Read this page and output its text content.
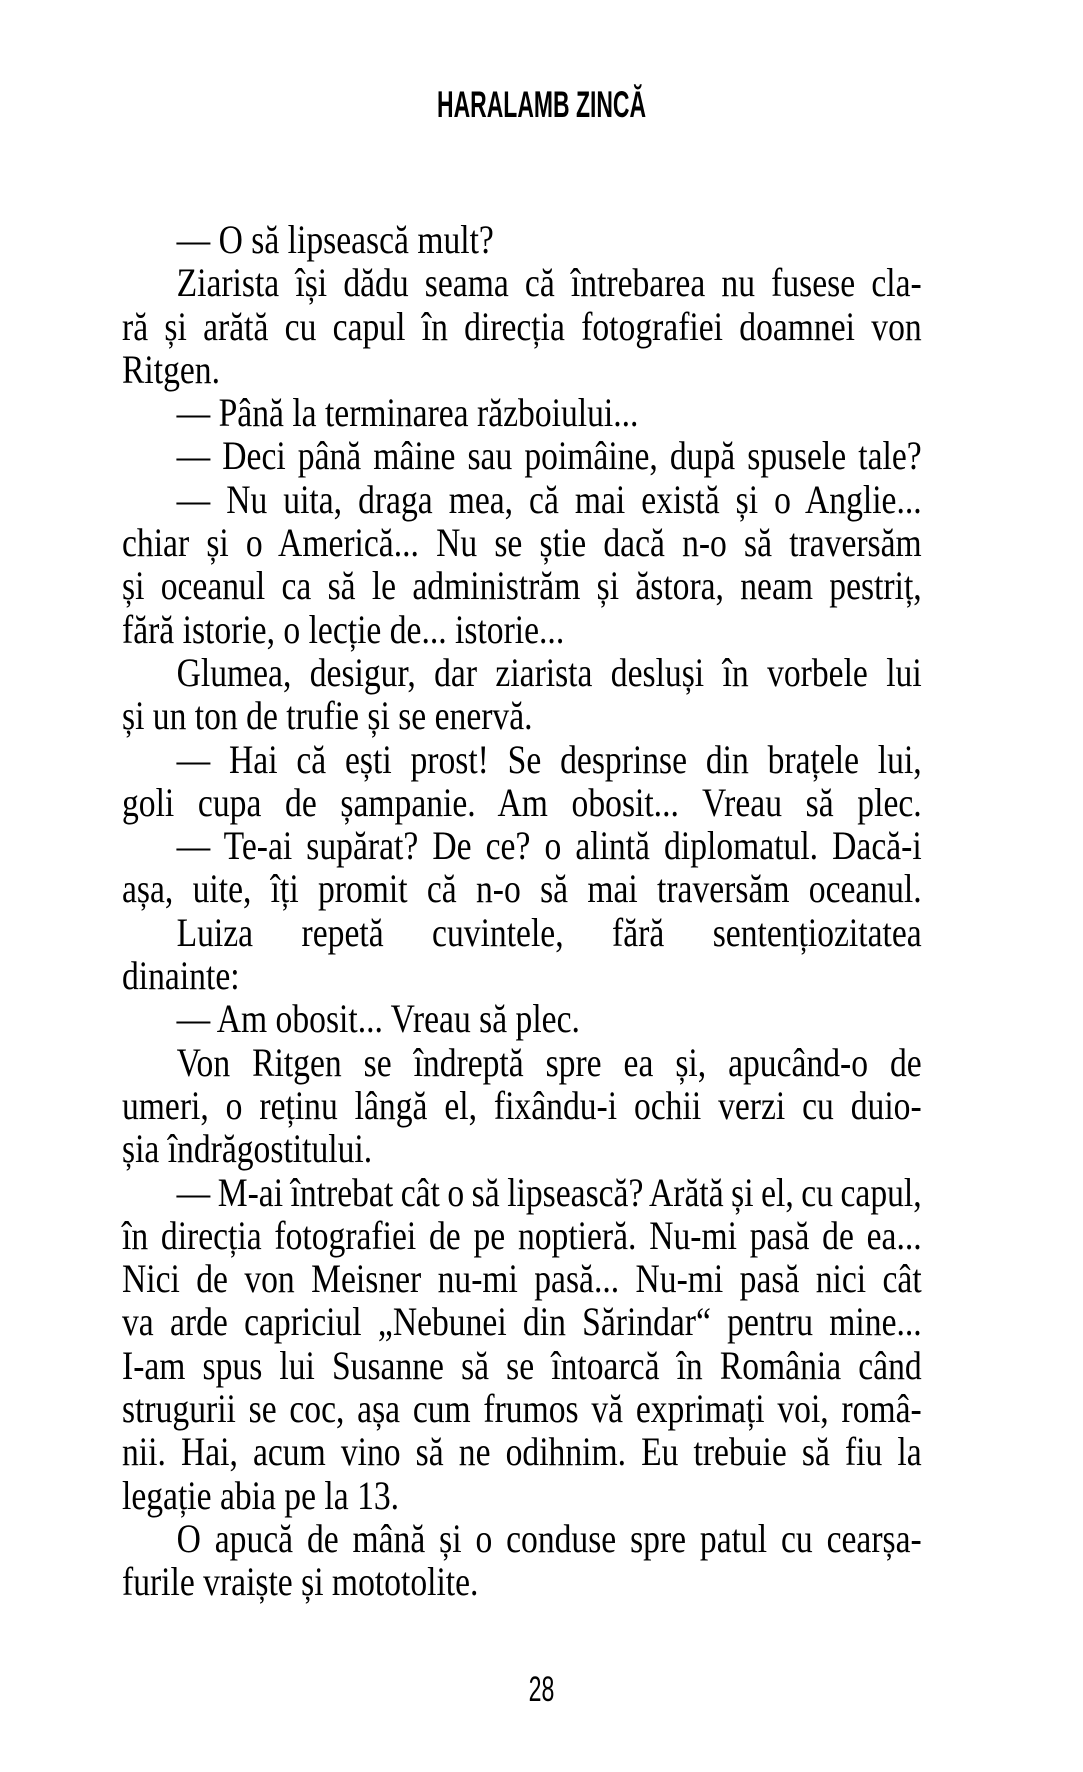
HARALAMB ZINCĂ
— O să lipsească mult?
Ziarista își dădu seama că întrebarea nu fusese cla-
ră și arătă cu capul în direcția fotografiei doamnei von
Ritgen.
— Până la terminarea războiului...
— Deci până mâine sau poimâine, după spusele tale?
— Nu uita, draga mea, că mai există și o Anglie...
chiar și o Americă... Nu se știe dacă n-o să traversăm
și oceanul ca să le administrăm și ăstora, neam pestriț,
fără istorie, o lecție de... istorie...
Glumea, desigur, dar ziarista desluși în vorbele lui
și un ton de trufie și se enervă.
— Hai că ești prost! Se desprinse din brațele lui,
goli cupa de șampanie. Am obosit... Vreau să plec.
— Te-ai supărat? De ce? o alintă diplomatul. Dacă-i
așa, uite, îți promit că n-o să mai traversăm oceanul.
Luiza repetă cuvintele, fără sentențiozitatea
dinainte:
— Am obosit... Vreau să plec.
Von Ritgen se îndreptă spre ea și, apucând-o de
umeri, o reținu lângă el, fixându-i ochii verzi cu duio-
șia îndrăgostitului.
— M-ai întrebat cât o să lipsească? Arătă și el, cu capul,
în direcția fotografiei de pe noptieră. Nu-mi pasă de ea...
Nici de von Meisner nu-mi pasă... Nu-mi pasă nici cât
va arde capriciul „Nebunei din Sărindar“ pentru mine...
I-am spus lui Susanne să se întoarcă în România când
strugurii se coc, așa cum frumos vă exprimați voi, româ-
nii. Hai, acum vino să ne odihnim. Eu trebuie să fiu la
legație abia pe la 13.
O apucă de mână și o conduse spre patul cu cearșa-
furile vraiște și mototolite.
28
